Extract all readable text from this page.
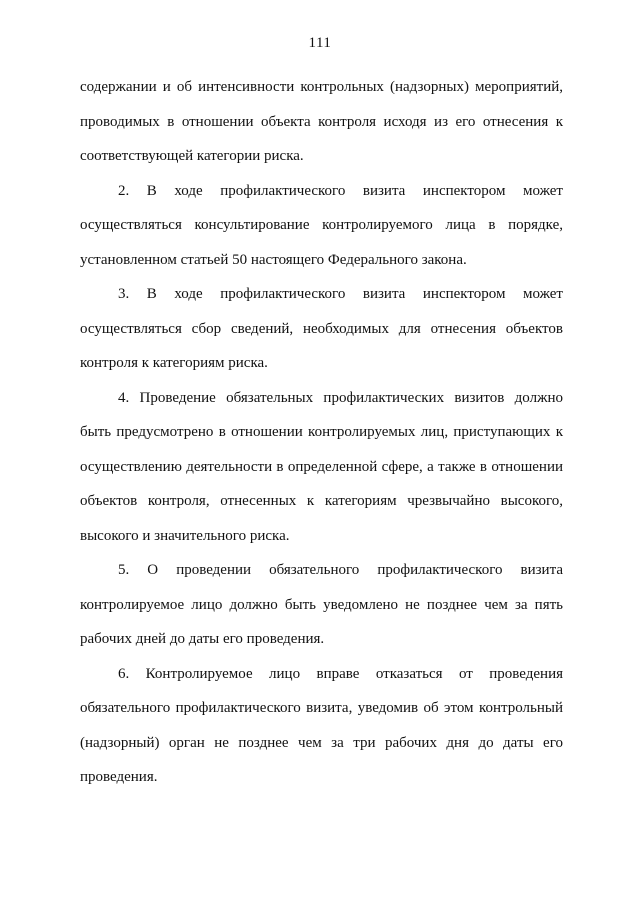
111
содержании и об интенсивности контрольных (надзорных) мероприятий,
проводимых в отношении объекта контроля исходя из его отнесения к
соответствующей категории риска.
2. В ходе профилактического визита инспектором может
осуществляться консультирование контролируемого лица в порядке,
установленном статьей 50 настоящего Федерального закона.
3. В ходе профилактического визита инспектором может
осуществляться сбор сведений, необходимых для отнесения объектов
контроля к категориям риска.
4. Проведение обязательных профилактических визитов должно
быть предусмотрено в отношении контролируемых лиц, приступающих к
осуществлению деятельности в определенной сфере, а также в отношении
объектов контроля, отнесенных к категориям чрезвычайно высокого,
высокого и значительного риска.
5. О проведении обязательного профилактического визита
контролируемое лицо должно быть уведомлено не позднее чем за пять
рабочих дней до даты его проведения.
6. Контролируемое лицо вправе отказаться от проведения
обязательного профилактического визита, уведомив об этом контрольный
(надзорный) орган не позднее чем за три рабочих дня до даты его
проведения.
